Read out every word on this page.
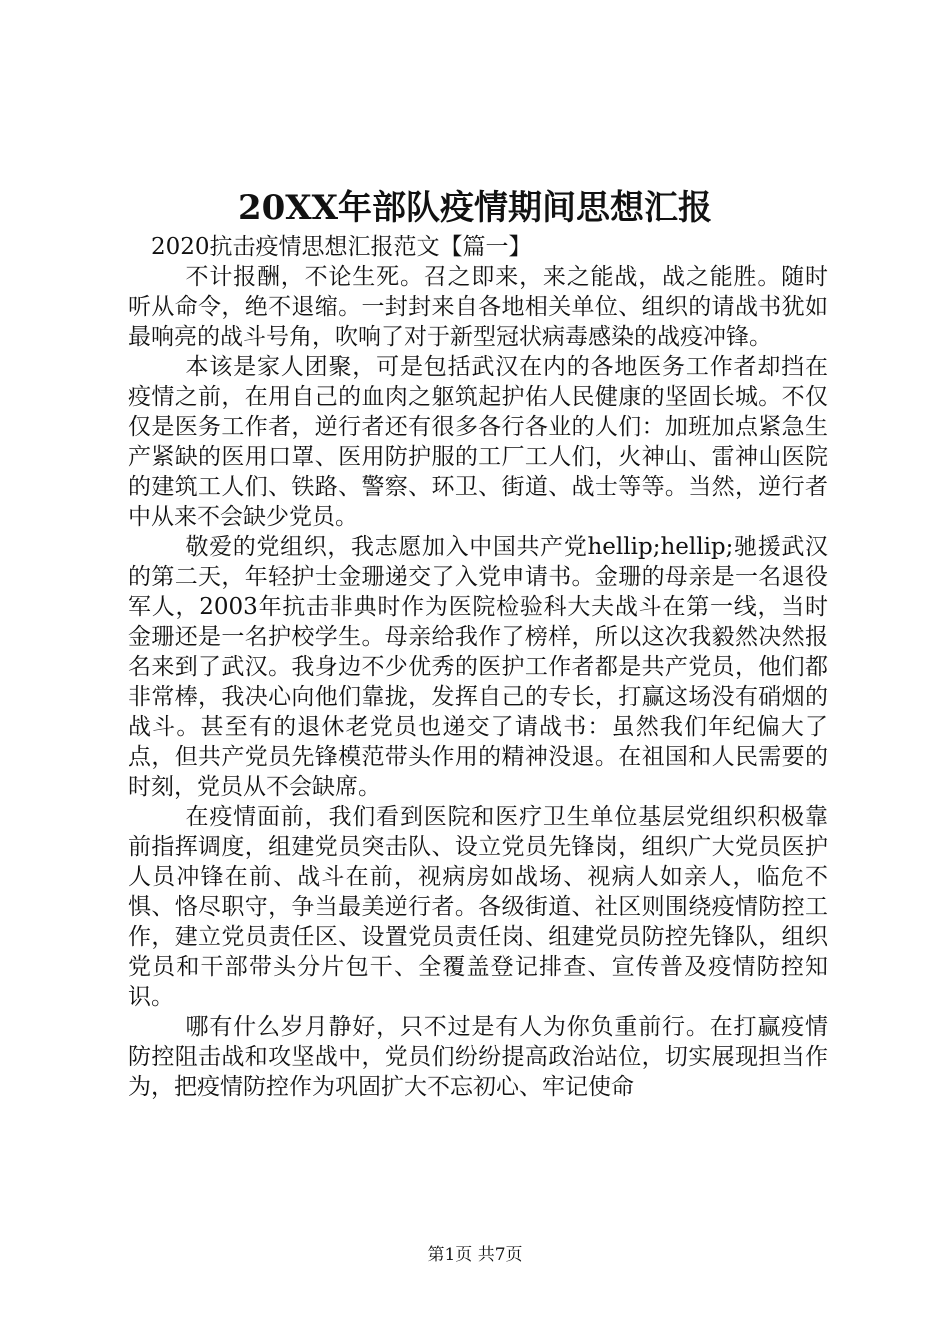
20XX年部队疫情期间思想汇报

2020抗击疫情思想汇报范文【篇一】

不计报酬，不论生死。召之即来，来之能战，战之能胜。随时听从命令，绝不退缩。一封封来自各地相关单位、组织的请战书犹如最响亮的战斗号角，吹响了对于新型冠状病毒感染的战疫冲锋。

本该是家人团聚，可是包括武汉在内的各地医务工作者却挡在疫情之前，在用自己的血肉之躯筑起护佑人民健康的坚固长城。不仅仅是医务工作者，逆行者还有很多各行各业的人们：加班加点紧急生产紧缺的医用口罩、医用防护服的工厂工人们，火神山、雷神山医院的建筑工人们、铁路、警察、环卫、街道、战士等等。当然，逆行者中从来不会缺少党员。

敬爱的党组织，我志愿加入中国共产党hellip;hellip;驰援武汉的第二天，年轻护士金珊递交了入党申请书。金珊的母亲是一名退役军人，2003年抗击非典时作为医院检验科大夫战斗在第一线，当时金珊还是一名护校学生。母亲给我作了榜样，所以这次我毅然决然报名来到了武汉。我身边不少优秀的医护工作者都是共产党员，他们都非常棒，我决心向他们靠拢，发挥自己的专长，打赢这场没有硝烟的战斗。甚至有的退休老党员也递交了请战书：虽然我们年纪偏大了点，但共产党员先锋模范带头作用的精神没退。在祖国和人民需要的时刻，党员从不会缺席。

在疫情面前，我们看到医院和医疗卫生单位基层党组织积极靠前指挥调度，组建党员突击队、设立党员先锋岗，组织广大党员医护人员冲锋在前、战斗在前，视病房如战场、视病人如亲人，临危不惧、恪尽职守，争当最美逆行者。各级街道、社区则围绕疫情防控工作，建立党员责任区、设置党员责任岗、组建党员防控先锋队，组织党员和干部带头分片包干、全覆盖登记排查、宣传普及疫情防控知识。

哪有什么岁月静好，只不过是有人为你负重前行。在打赢疫情防控阻击战和攻坚战中，党员们纷纷提高政治站位，切实展现担当作为，把疫情防控作为巩固扩大不忘初心、牢记使命

第1页 共7页
